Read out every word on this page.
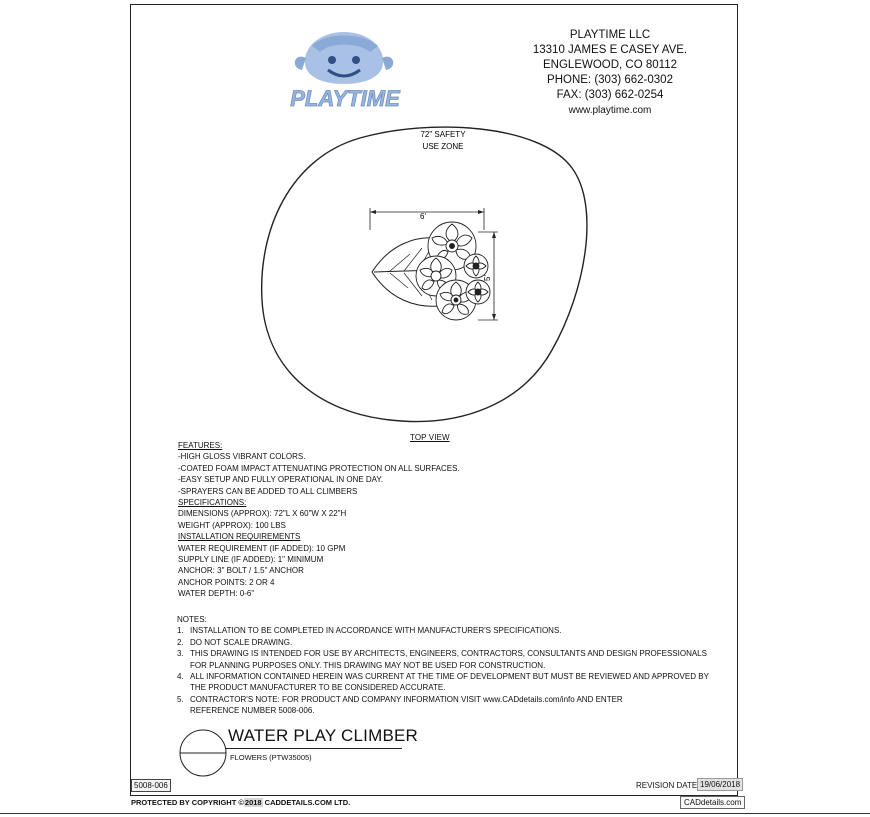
PLAYTIME
PLAYTIME LLC
13310 JAMES E CASEY AVE.
ENGLEWOOD, CO 80112
PHONE: (303) 662-0302
FAX: (303) 662-0254
www.playtime.com
72" SAFETY
USE ZONE
6'
5'
TOP VIEW
FEATURES:
-HIGH GLOSS VIBRANT COLORS.
-COATED FOAM IMPACT ATTENUATING PROTECTION ON ALL SURFACES.
-EASY SETUP AND FULLY OPERATIONAL IN ONE DAY.
-SPRAYERS CAN BE ADDED TO ALL CLIMBERS
SPECIFICATIONS:
DIMENSIONS (APPROX): 72"L X 60"W X 22"H
WEIGHT (APPROX): 100 LBS
INSTALLATION REQUIREMENTS
WATER REQUIREMENT (IF ADDED): 10 GPM
SUPPLY LINE (IF ADDED): 1" MINIMUM
ANCHOR: 3" BOLT / 1.5" ANCHOR
ANCHOR POINTS: 2 OR 4
WATER DEPTH: 0-6"
NOTES:
1. INSTALLATION TO BE COMPLETED IN ACCORDANCE WITH MANUFACTURER'S SPECIFICATIONS.
2. DO NOT SCALE DRAWING.
3. THIS DRAWING IS INTENDED FOR USE BY ARCHITECTS, ENGINEERS, CONTRACTORS, CONSULTANTS AND DESIGN PROFESSIONALS
FOR PLANNING PURPOSES ONLY. THIS DRAWING MAY NOT BE USED FOR CONSTRUCTION.
4. ALL INFORMATION CONTAINED HEREIN WAS CURRENT AT THE TIME OF DEVELOPMENT BUT MUST BE REVIEWED AND APPROVED BY
THE PRODUCT MANUFACTURER TO BE CONSIDERED ACCURATE.
5. CONTRACTOR'S NOTE: FOR PRODUCT AND COMPANY INFORMATION VISIT www.CADdetails.com/info AND ENTER
REFERENCE NUMBER 5008-006.
WATER PLAY CLIMBER
FLOWERS (PTW35005)
5008-006	REVISION DATE 19/06/2018
PROTECTED BY COPYRIGHT ©2018 CADDETAILS.COM LTD.	CADdetails.com
